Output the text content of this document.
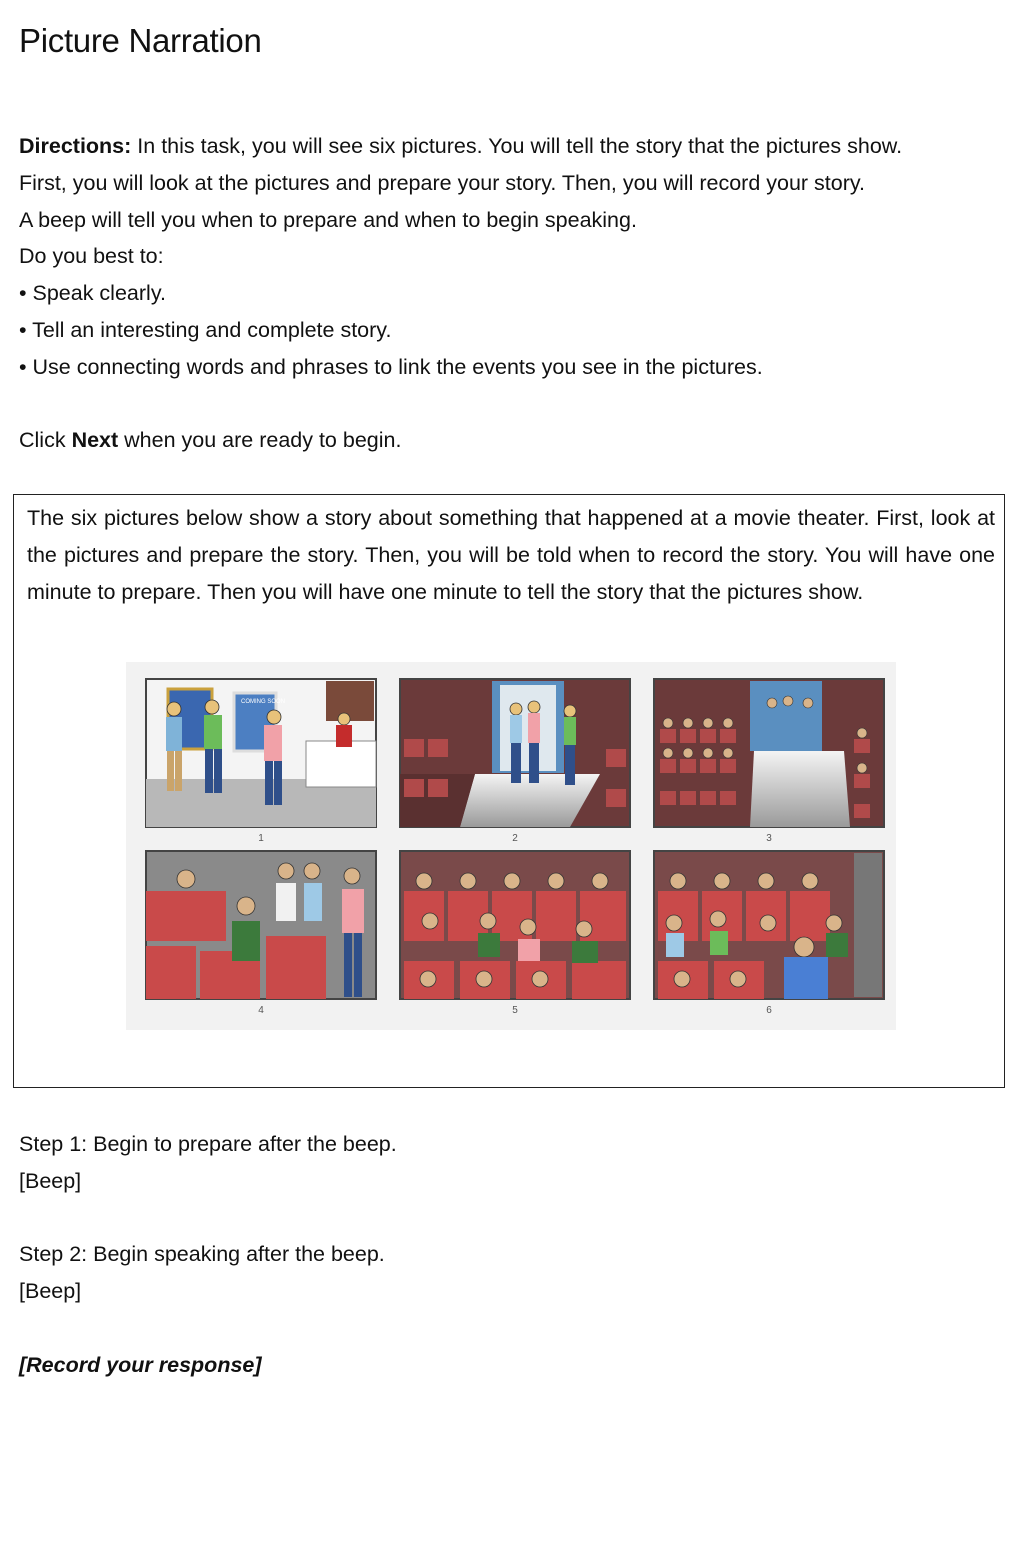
Picture Narration

Directions: In this task, you will see six pictures. You will tell the story that the pictures show.

First, you will look at the pictures and prepare your story. Then, you will record your story.

A beep will tell you when to prepare and when to begin speaking.

Do you best to:

• Speak clearly.

• Tell an interesting and complete story.

• Use connecting words and phrases to link the events you see in the pictures.

Click Next when you are ready to begin.

The six pictures below show a story about something that happened at a movie theater. First, look at the pictures and prepare the story. Then, you will be told when to record the story. You will have one minute to prepare. Then you will have one minute to tell the story that the pictures show.

COMING SOON
1	2	3
4	5	6

Step 1: Begin to prepare after the beep.

[Beep]

Step 2: Begin speaking after the beep.

[Beep]

[Record your response]
